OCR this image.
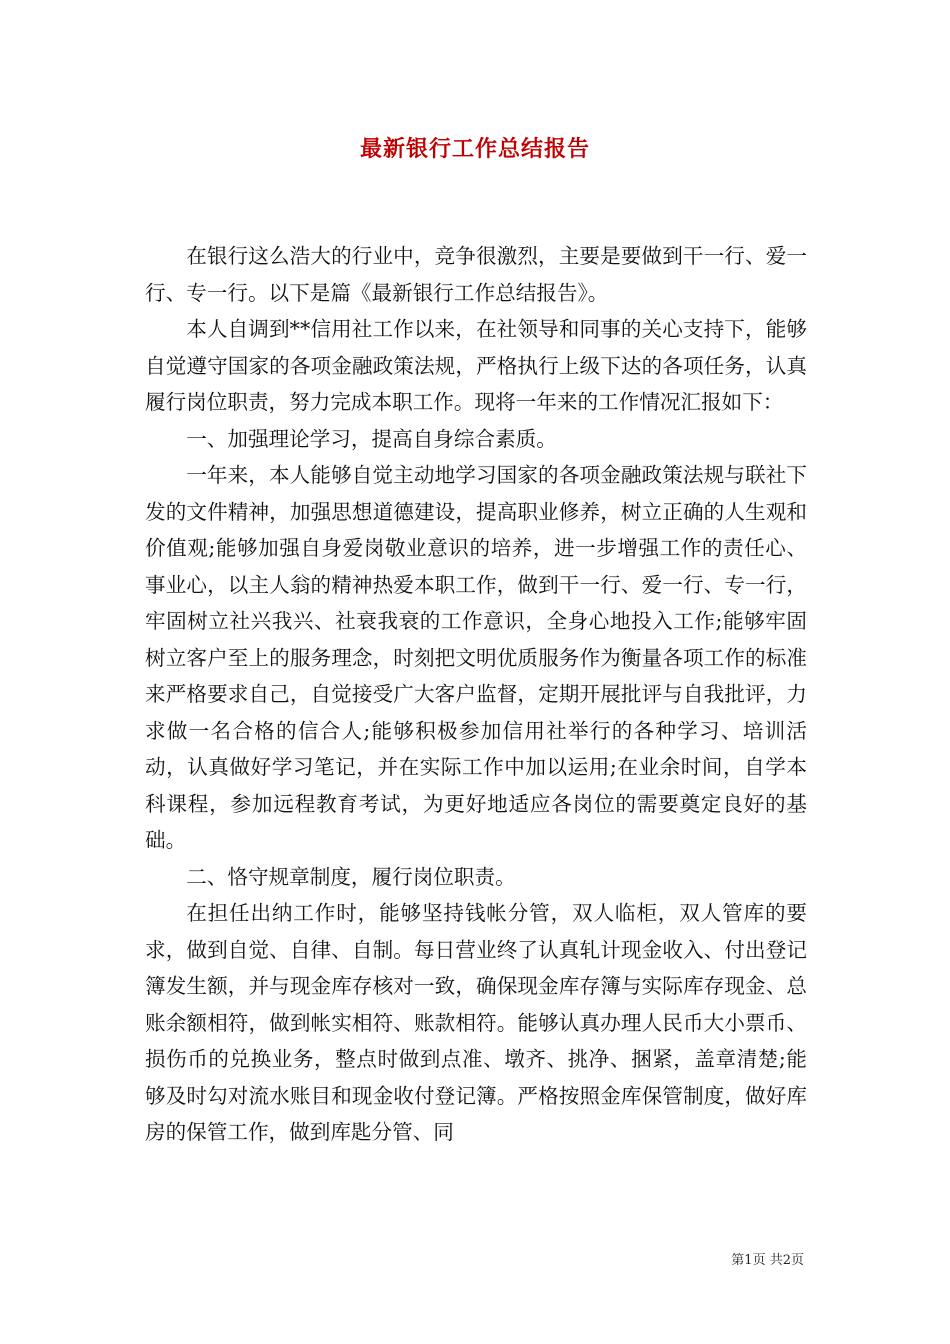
最新银行工作总结报告

在银行这么浩大的行业中，竞争很激烈，主要是要做到干一行、爱一行、专一行。以下是篇《最新银行工作总结报告》。

本人自调到**信用社工作以来，在社领导和同事的关心支持下，能够自觉遵守国家的各项金融政策法规，严格执行上级下达的各项任务，认真履行岗位职责，努力完成本职工作。现将一年来的工作情况汇报如下：

一、加强理论学习，提高自身综合素质。

一年来，本人能够自觉主动地学习国家的各项金融政策法规与联社下发的文件精神，加强思想道德建设，提高职业修养，树立正确的人生观和价值观;能够加强自身爱岗敬业意识的培养，进一步增强工作的责任心、事业心，以主人翁的精神热爱本职工作，做到干一行、爱一行、专一行，牢固树立社兴我兴、社衰我衰的工作意识，全身心地投入工作;能够牢固树立客户至上的服务理念，时刻把文明优质服务作为衡量各项工作的标准来严格要求自己，自觉接受广大客户监督，定期开展批评与自我批评，力求做一名合格的信合人;能够积极参加信用社举行的各种学习、培训活动，认真做好学习笔记，并在实际工作中加以运用;在业余时间，自学本科课程，参加远程教育考试，为更好地适应各岗位的需要奠定良好的基础。

二、恪守规章制度，履行岗位职责。

在担任出纳工作时，能够坚持钱帐分管，双人临柜，双人管库的要求，做到自觉、自律、自制。每日营业终了认真轧计现金收入、付出登记簿发生额，并与现金库存核对一致，确保现金库存簿与实际库存现金、总账余额相符，做到帐实相符、账款相符。能够认真办理人民币大小票币、损伤币的兑换业务，整点时做到点准、墩齐、挑净、捆紧，盖章清楚;能够及时勾对流水账目和现金收付登记簿。严格按照金库保管制度，做好库房的保管工作，做到库匙分管、同

第1页 共2页
